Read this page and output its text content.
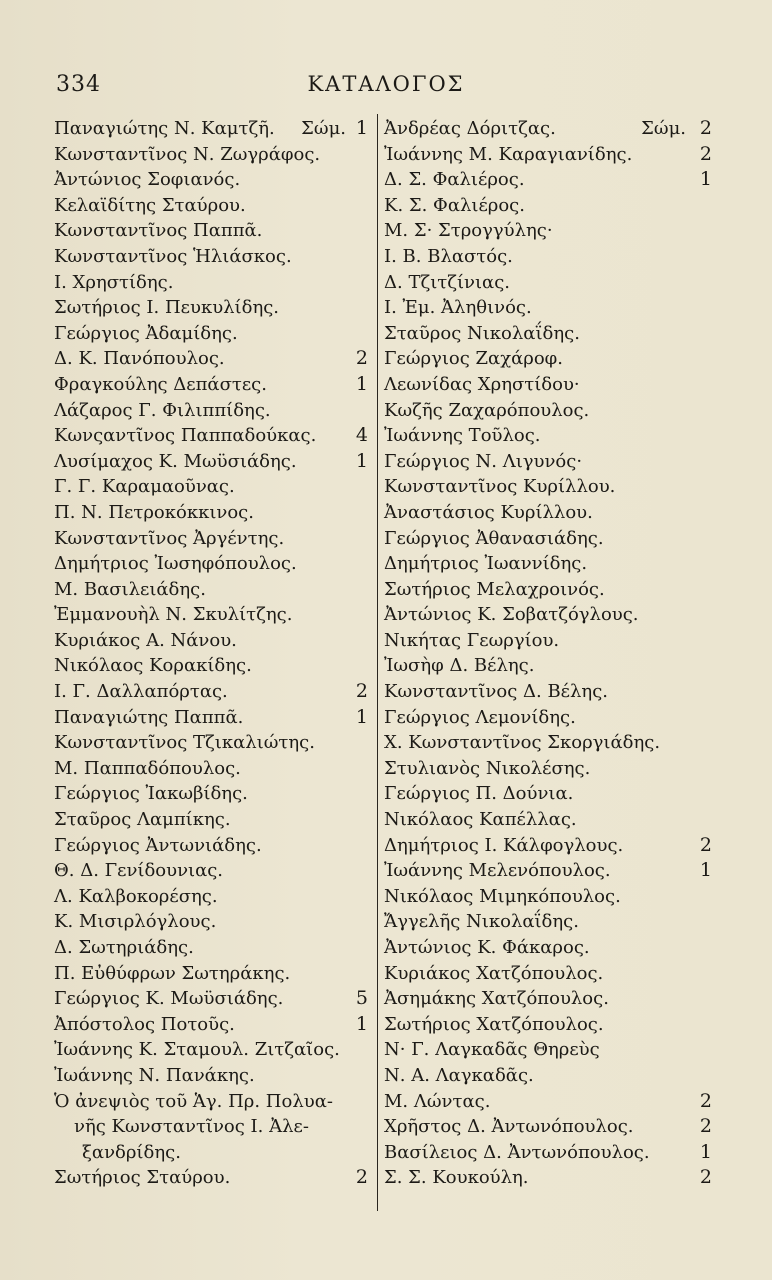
334	ΚΑΤΑΛΟΓΟΣ
Παναγιώτης Ν. Καμτζῆ. Σώμ. 1
Κωνσταντῖνος Ν. Ζωγράφος.
Ἀντώνιος Σοφιανός.
Κελαϊδίτης Σταύρου.
Κωνσταντῖνος Παππᾶ.
Κωνσταντῖνος Ἡλιάσκος.
Ι. Χρηστίδης.
Σωτήριος Ι. Πευκυλίδης.
Γεώργιος Ἀδαμίδης.
Δ. Κ. Πανόπουλος.	2
Φραγκούλης Δεπάστες.	1
Λάζαρος Γ. Φιλιππίδης.
Κωνςαντῖνος Παππαδούκας. 4
Λυσίμαχος Κ. Μωϋσιάδης.	1
Γ. Γ. Καραμαοῦνας.
Π. Ν. Πετροκόκκινος.
Κωνσταντῖνος Ἀργέντης.
Δημήτριος Ἰωσηφόπουλος.
Μ. Βασιλειάδης.
Ἐμμανουὴλ Ν. Σκυλίτζης.
Κυριάκος Α. Νάνου.
Νικόλαος Κορακίδης.
Ι. Γ. Δαλλαπόρτας.	2
Παναγιώτης Παππᾶ.	1
Κωνσταντῖνος Τζικαλιώτης.
Μ. Παππαδόπουλος.
Γεώργιος Ἰακωβίδης.
Σταῦρος Λαμπίκης.
Γεώργιος Ἀντωνιάδης.
Θ. Δ. Γενίδουνιας.
Λ. Καλβοκορέσης.
Κ. Μισιρλόγλους.
Δ. Σωτηριάδης.
Π. Εὐθύφρων Σωτηράκης.
Γεώργιος Κ. Μωϋσιάδης.	5
Ἀπόστολος Ποτοῦς.	1
Ἰωάννης Κ. Σταμουλ. Ζιτζαῖος.
Ἰωάννης Ν. Πανάκης.
Ὁ ἀνεψιὸς τοῦ Ἁγ. Πρ. Πολυα-
νῆς Κωνσταντῖνος Ι. Ἀλε-
ξανδρίδης.
Σωτήριος Σταύρου.	2
Ἀνδρέας Δόριτζας.	Σώμ. 2
Ἰωάννης Μ. Καραγιανίδης.	2
Δ. Σ. Φαλιέρος.	1
Κ. Σ. Φαλιέρος.
Μ. Σ· Στρογγύλης·
Ι. Β. Βλαστός.
Δ. Τζιτζίνιας.
Ι. Ἐμ. Ἀληθινός.
Σταῦρος Νικολαΐδης.
Γεώργιος Ζαχάροφ.
Λεωνίδας Χρηστίδου·
Κωζῆς Ζαχαρόπουλος.
Ἰωάννης Τοῦλος.
Γεώργιος Ν. Λιγυνός·
Κωνσταντῖνος Κυρίλλου.
Ἀναστάσιος Κυρίλλου.
Γεώργιος Ἀθανασιάδης.
Δημήτριος Ἰωαννίδης.
Σωτήριος Μελαχροινός.
Ἀντώνιος Κ. Σοβατζόγλους.
Νικήτας Γεωργίου.
Ἰωσὴφ Δ. Βέλης.
Κωνσταντῖνος Δ. Βέλης.
Γεώργιος Λεμονίδης.
Χ. Κωνσταντῖνος Σκοργιάδης.
Στυλιανὸς Νικολέσης.
Γεώργιος Π. Δούνια.
Νικόλαος Καπέλλας.
Δημήτριος Ι. Κάλφογλους.	2
Ἰωάννης Μελενόπουλος.	1
Νικόλαος Μιμηκόπουλος.
Ἄγγελῆς Νικολαΐδης.
Ἀντώνιος Κ. Φάκαρος.
Κυριάκος Χατζόπουλος.
Ἀσημάκης Χατζόπουλος.
Σωτήριος Χατζόπουλος.
Ν· Γ. Λαγκαδᾶς Θηρεὺς
Ν. Α. Λαγκαδᾶς.
Μ. Λώντας.	2
Χρῆστος Δ. Ἀντωνόπουλος.	2
Βασίλειος Δ. Ἀντωνόπουλος.	1
Σ. Σ. Κουκούλη.	2
